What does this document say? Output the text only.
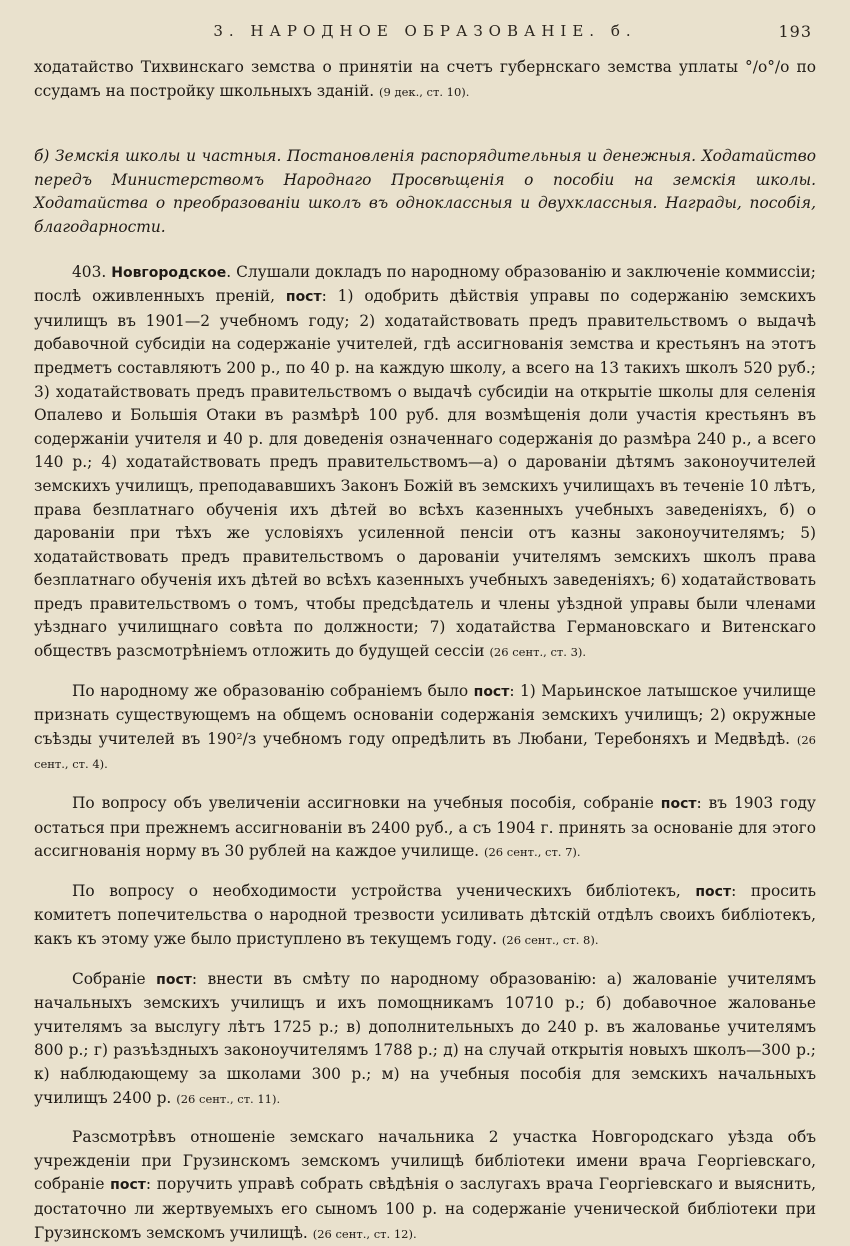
3. НАРОДНОЕ ОБРАЗОВАНІЕ. б.	193

ходатайство Тихвинскаго земства о принятіи на счетъ губернскаго земства уплаты °/о°/о по ссудамъ на постройку школьныхъ зданій. (9 дек., ст. 10).

б) Земскія школы и частныя. Постановленія распорядительныя и денежныя. Ходатайство передъ Министерствомъ Народнаго Просвѣщенія о пособіи на земскія школы. Ходатайства о преобразованіи школъ въ одноклассныя и двухклассныя. Награды, пособія, благодарности.

403. Новгородское. Слушали докладъ по народному образованію и заключеніе коммиссіи; послѣ оживленныхъ преній, пост: 1) одобрить дѣйствія управы по содержанію земскихъ училищъ въ 1901—2 учебномъ году; 2) ходатайствовать предъ правительствомъ о выдачѣ добавочной субсидіи на содержаніе учителей, гдѣ ассигнованія земства и крестьянъ на этотъ предметъ составляютъ 200 р., по 40 р. на каждую школу, а всего на 13 такихъ школъ 520 руб.; 3) ходатайствовать предъ правительствомъ о выдачѣ субсидіи на открытіе школы для селенія Опалево и Большія Отаки въ размѣрѣ 100 руб. для возмѣщенія доли участія крестьянъ въ содержаніи учителя и 40 р. для доведенія означеннаго содержанія до размѣра 240 р., а всего 140 р.; 4) ходатайствовать предъ правительствомъ—а) о дарованіи дѣтямъ законоучителей земскихъ училищъ, преподававшихъ Законъ Божій въ земскихъ училищахъ въ теченіе 10 лѣтъ, права безплатнаго обученія ихъ дѣтей во всѣхъ казенныхъ учебныхъ заведеніяхъ, б) о дарованіи при тѣхъ же условіяхъ усиленной пенсіи отъ казны законоучителямъ; 5) ходатайствовать предъ правительствомъ о дарованіи учителямъ земскихъ школъ права безплатнаго обученія ихъ дѣтей во всѣхъ казенныхъ учебныхъ заведеніяхъ; 6) ходатайствовать предъ правительствомъ о томъ, чтобы предсѣдатель и члены уѣздной управы были членами уѣзднаго училищнаго совѣта по должности; 7) ходатайства Германовскаго и Витенскаго обществъ разсмотрѣніемъ отложить до будущей сессіи (26 сент., ст. 3).

По народному же образованію собраніемъ было пост: 1) Марьинское латышское училище признать существующемъ на общемъ основаніи содержанія земскихъ училищъ; 2) окружные съѣзды учителей въ 190²/з учебномъ году опредѣлить въ Любани, Теребоняхъ и Медвѣдѣ. (26 сент., ст. 4).

По вопросу объ увеличеніи ассигновки на учебныя пособія, собраніе пост: въ 1903 году остаться при прежнемъ ассигнованіи въ 2400 руб., а съ 1904 г. принять за основаніе для этого ассигнованія норму въ 30 рублей на каждое училище. (26 сент., ст. 7).

По вопросу о необходимости устройства ученическихъ библіотекъ, пост: просить комитетъ попечительства о народной трезвости усиливать дѣтскій отдѣлъ своихъ библіотекъ, какъ къ этому уже было приступлено въ текущемъ году. (26 сент., ст. 8).

Собраніе пост: внести въ смѣту по народному образованію: а) жалованіе учителямъ начальныхъ земскихъ училищъ и ихъ помощникамъ 10710 р.; б) добавочное жалованье учителямъ за выслугу лѣтъ 1725 р.; в) дополнительныхъ до 240 р. въ жалованье учителямъ 800 р.; г) разъѣздныхъ законоучителямъ 1788 р.; д) на случай открытія новыхъ школъ—300 р.; к) наблюдающему за школами 300 р.; м) на учебныя пособія для земскихъ начальныхъ училищъ 2400 р. (26 сент., ст. 11).

Разсмотрѣвъ отношеніе земскаго начальника 2 участка Новгородскаго уѣзда объ учрежденіи при Грузинскомъ земскомъ училищѣ библіотеки имени врача Георгіевскаго, собраніе пост: поручить управѣ собрать свѣдѣнія о заслугахъ врача Георгіевскаго и выяснить, достаточно ли жертвуемыхъ его сыномъ 100 р. на содержаніе ученической библіотеки при Грузинскомъ земскомъ училищѣ. (26 сент., ст. 12).
